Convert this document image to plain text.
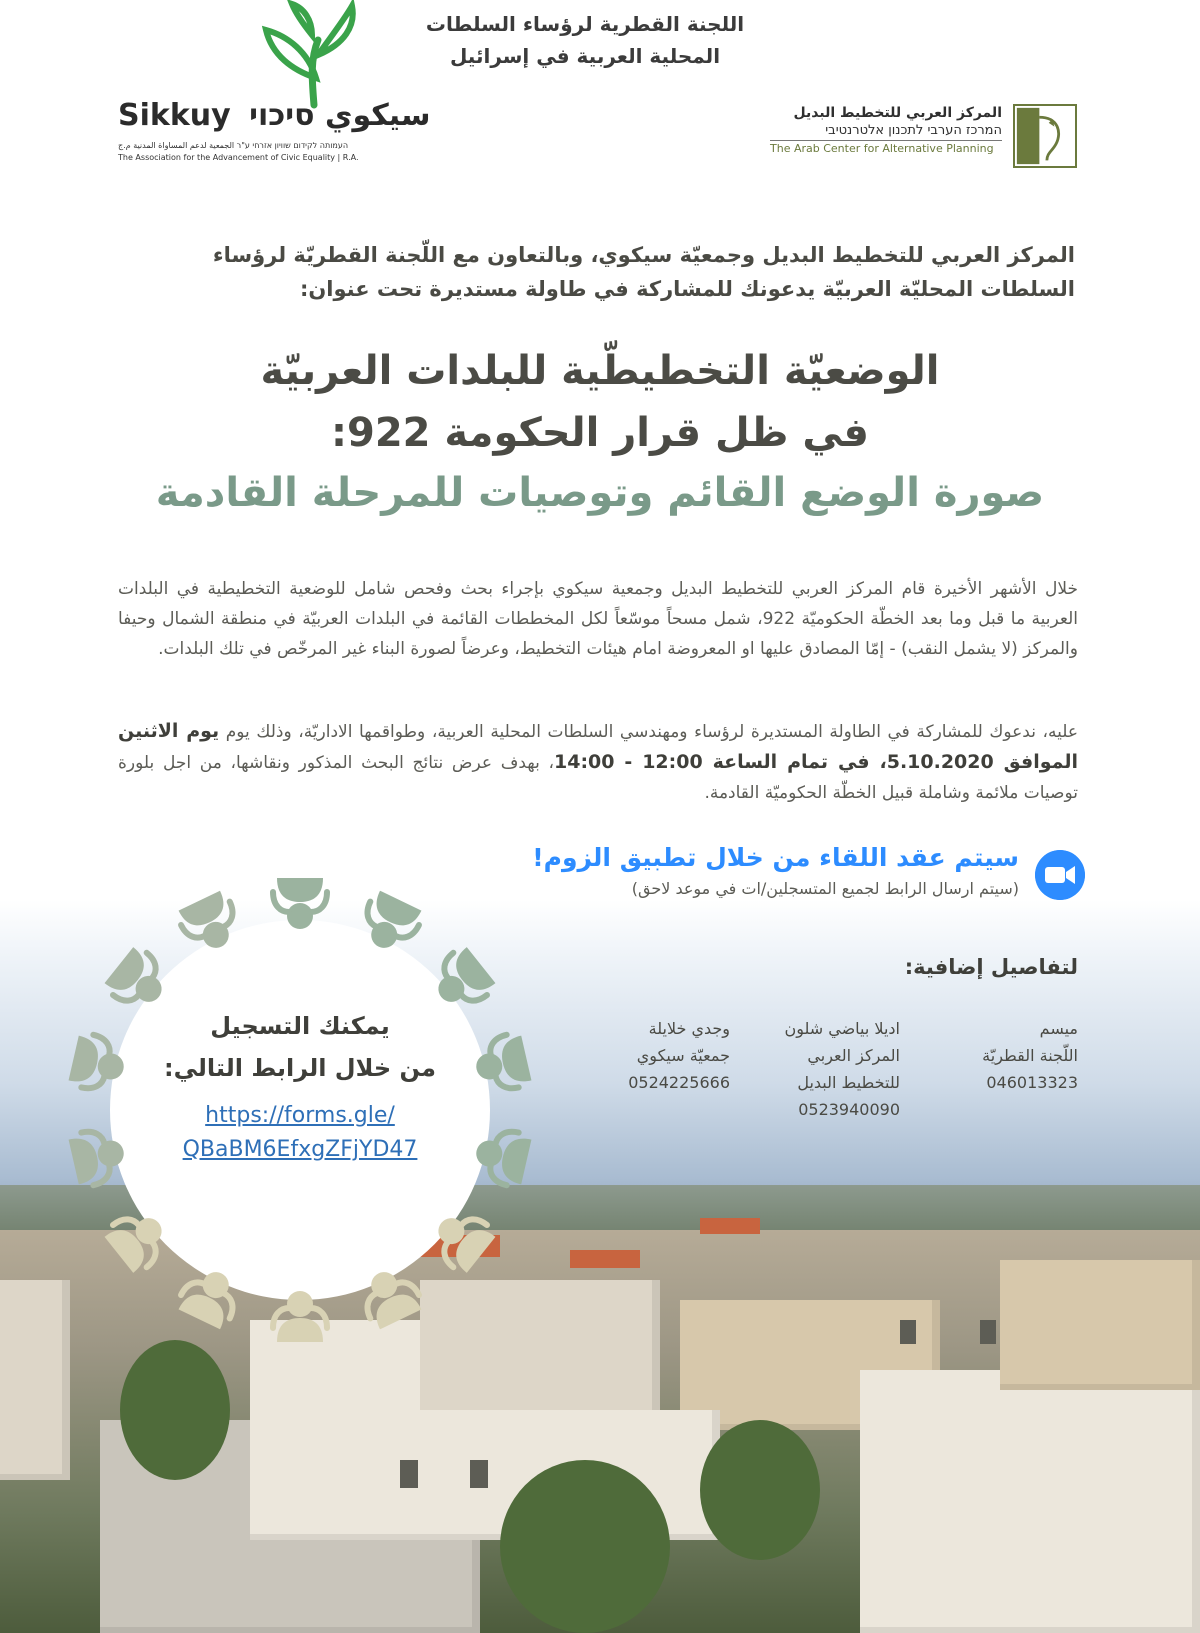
اللجنة القطرية لرؤساء السلطات
المحلية العربية في إسرائيل
Sikkuy	سيكوي סיכוי
העמותה לקידום שוויון אזרחי ע"ר الجمعية لدعم المساواة المدنية م.ج
The Association for the Advancement of Civic Equality | R.A.
المركز العربي للتخطيط البديل
המרכז הערבי לתכנון אלטרנטיבי
The Arab Center for Alternative Planning
المركز العربي للتخطيط البديل وجمعيّة سيكوي، وبالتعاون مع اللّجنة القطريّة لرؤساء
السلطات المحليّة العربيّة يدعونك للمشاركة في طاولة مستديرة تحت عنوان:
الوضعيّة التخطيطّية للبلدات العربيّة
في ظل قرار الحكومة 922:
صورة الوضع القائم وتوصيات للمرحلة القادمة
خلال الأشهر الأخيرة قام المركز العربي للتخطيط البديل وجمعية سيكوي بإجراء بحث وفحص شامل للوضعية التخطيطية في البلدات العربية ما قبل وما بعد الخطّة الحكوميّة 922، شمل مسحاً موسّعاً لكل المخططات القائمة في البلدات العربيّة في منطقة الشمال وحيفا والمركز (لا يشمل النقب) - إمّا المصادق عليها او المعروضة امام هيئات التخطيط، وعرضاً لصورة البناء غير المرخّص في تلك البلدات.
عليه، ندعوك للمشاركة في الطاولة المستديرة لرؤساء ومهندسي السلطات المحلية العربية، وطواقمها الاداريّة، وذلك يوم يوم الاثنين الموافق 5.10.2020، في تمام الساعة 12:00 - 14:00، بهدف عرض نتائج البحث المذكور ونقاشها، من اجل بلورة توصيات ملائمة وشاملة قبيل الخطّة الحكوميّة القادمة.
سيتم عقد اللقاء من خلال تطبيق الزوم!
(سيتم ارسال الرابط لجميع المتسجلين/ات في موعد لاحق)
لتفاصيل إضافية:
ميسم
اللّجنة القطريّة
046013323
اديلا بياضي شلون
المركز العربي
للتخطيط البديل
0523940090
وجدي خلايلة
جمعيّة سيكوي
0524225666
يمكنك التسجيل
من خلال الرابط التالي:
https://forms.gle/
QBaBM6EfxgZFjYD47
